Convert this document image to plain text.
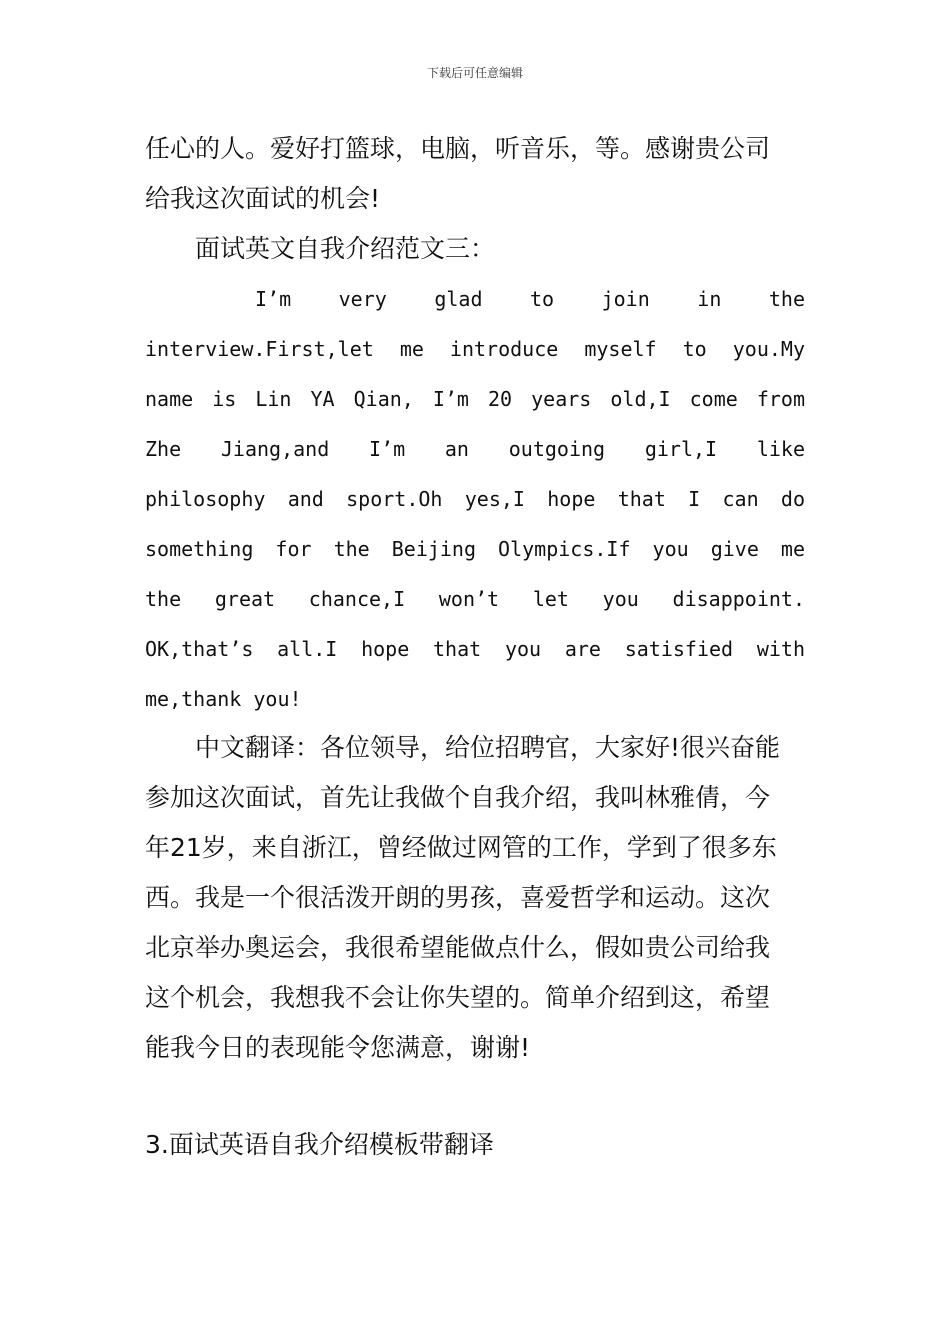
下载后可任意编辑
任心的人。爱好打篮球，电脑，听音乐，等。感谢贵公司
给我这次面试的机会!
面试英文自我介绍范文三：
I’m very glad to join in the
interview.First,let me introduce myself to you.My
name is Lin YA Qian, I’m 20 years old,I come from
Zhe Jiang,and I’m an outgoing girl,I like
philosophy and sport.Oh yes,I hope that I can do
something for the Beijing Olympics.If you give me
the great chance,I won’t let you disappoint.
OK,that’s all.I hope that you are satisfied with
me,thank you!
中文翻译：各位领导，给位招聘官，大家好!很兴奋能
参加这次面试，首先让我做个自我介绍，我叫林雅倩，今
年21岁，来自浙江，曾经做过网管的工作，学到了很多东
西。我是一个很活泼开朗的男孩，喜爱哲学和运动。这次
北京举办奥运会，我很希望能做点什么，假如贵公司给我
这个机会，我想我不会让你失望的。简单介绍到这，希望
能我今日的表现能令您满意，谢谢!
3.面试英语自我介绍模板带翻译
